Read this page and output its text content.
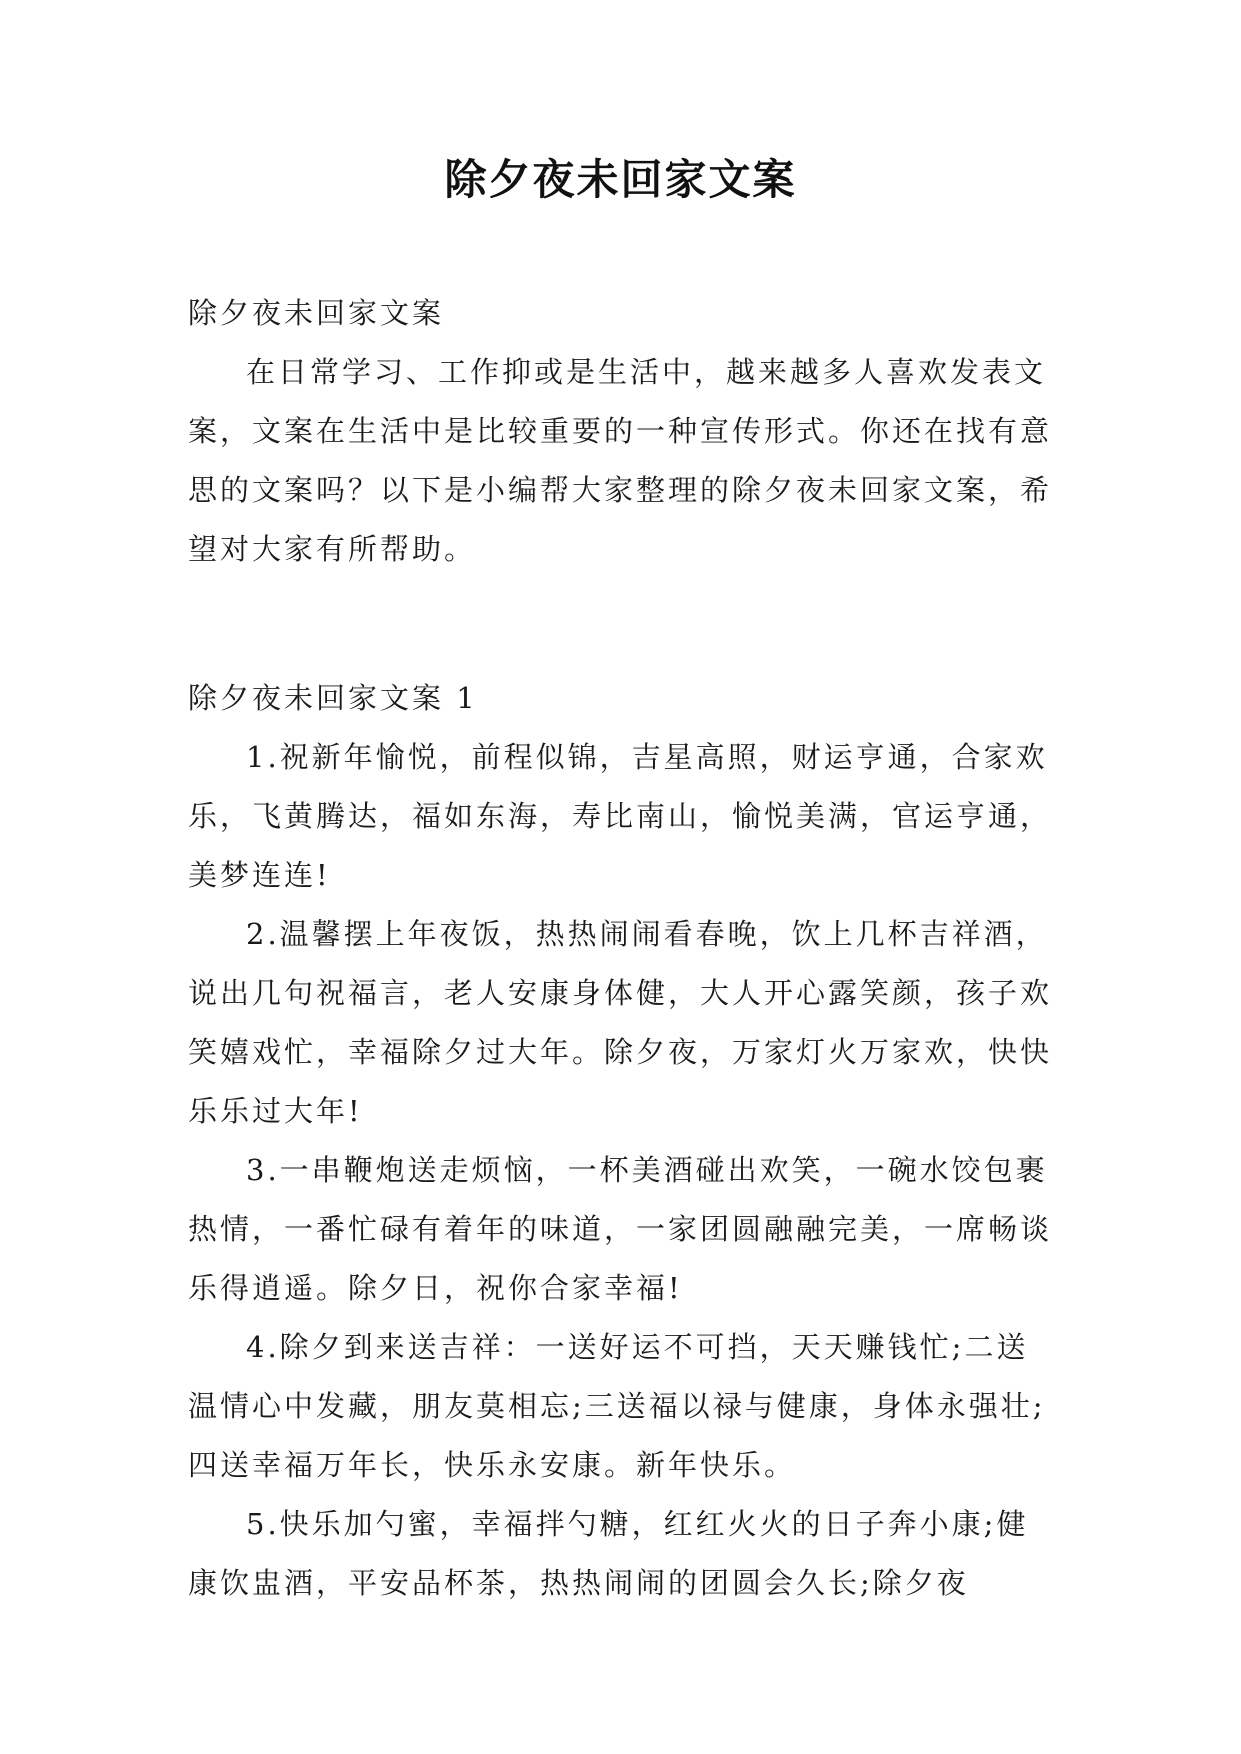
除夕夜未回家文案

除夕夜未回家文案

在日常学习、工作抑或是生活中，越来越多人喜欢发表文案，文案在生活中是比较重要的一种宣传形式。你还在找有意思的文案吗？以下是小编帮大家整理的除夕夜未回家文案，希望对大家有所帮助。

除夕夜未回家文案 1

1.祝新年愉悦，前程似锦，吉星高照，财运亨通，合家欢乐，飞黄腾达，福如东海，寿比南山，愉悦美满，官运亨通，美梦连连!

2.温馨摆上年夜饭，热热闹闹看春晚，饮上几杯吉祥酒，说出几句祝福言，老人安康身体健，大人开心露笑颜，孩子欢笑嬉戏忙，幸福除夕过大年。除夕夜，万家灯火万家欢，快快乐乐过大年!

3.一串鞭炮送走烦恼，一杯美酒碰出欢笑，一碗水饺包裹热情，一番忙碌有着年的味道，一家团圆融融完美，一席畅谈乐得逍遥。除夕日，祝你合家幸福!

4.除夕到来送吉祥：一送好运不可挡，天天赚钱忙;二送温情心中发藏，朋友莫相忘;三送福以禄与健康，身体永强壮;四送幸福万年长，快乐永安康。新年快乐。

5.快乐加勺蜜，幸福拌勺糖，红红火火的日子奔小康;健康饮盅酒，平安品杯茶，热热闹闹的团圆会久长;除夕夜
